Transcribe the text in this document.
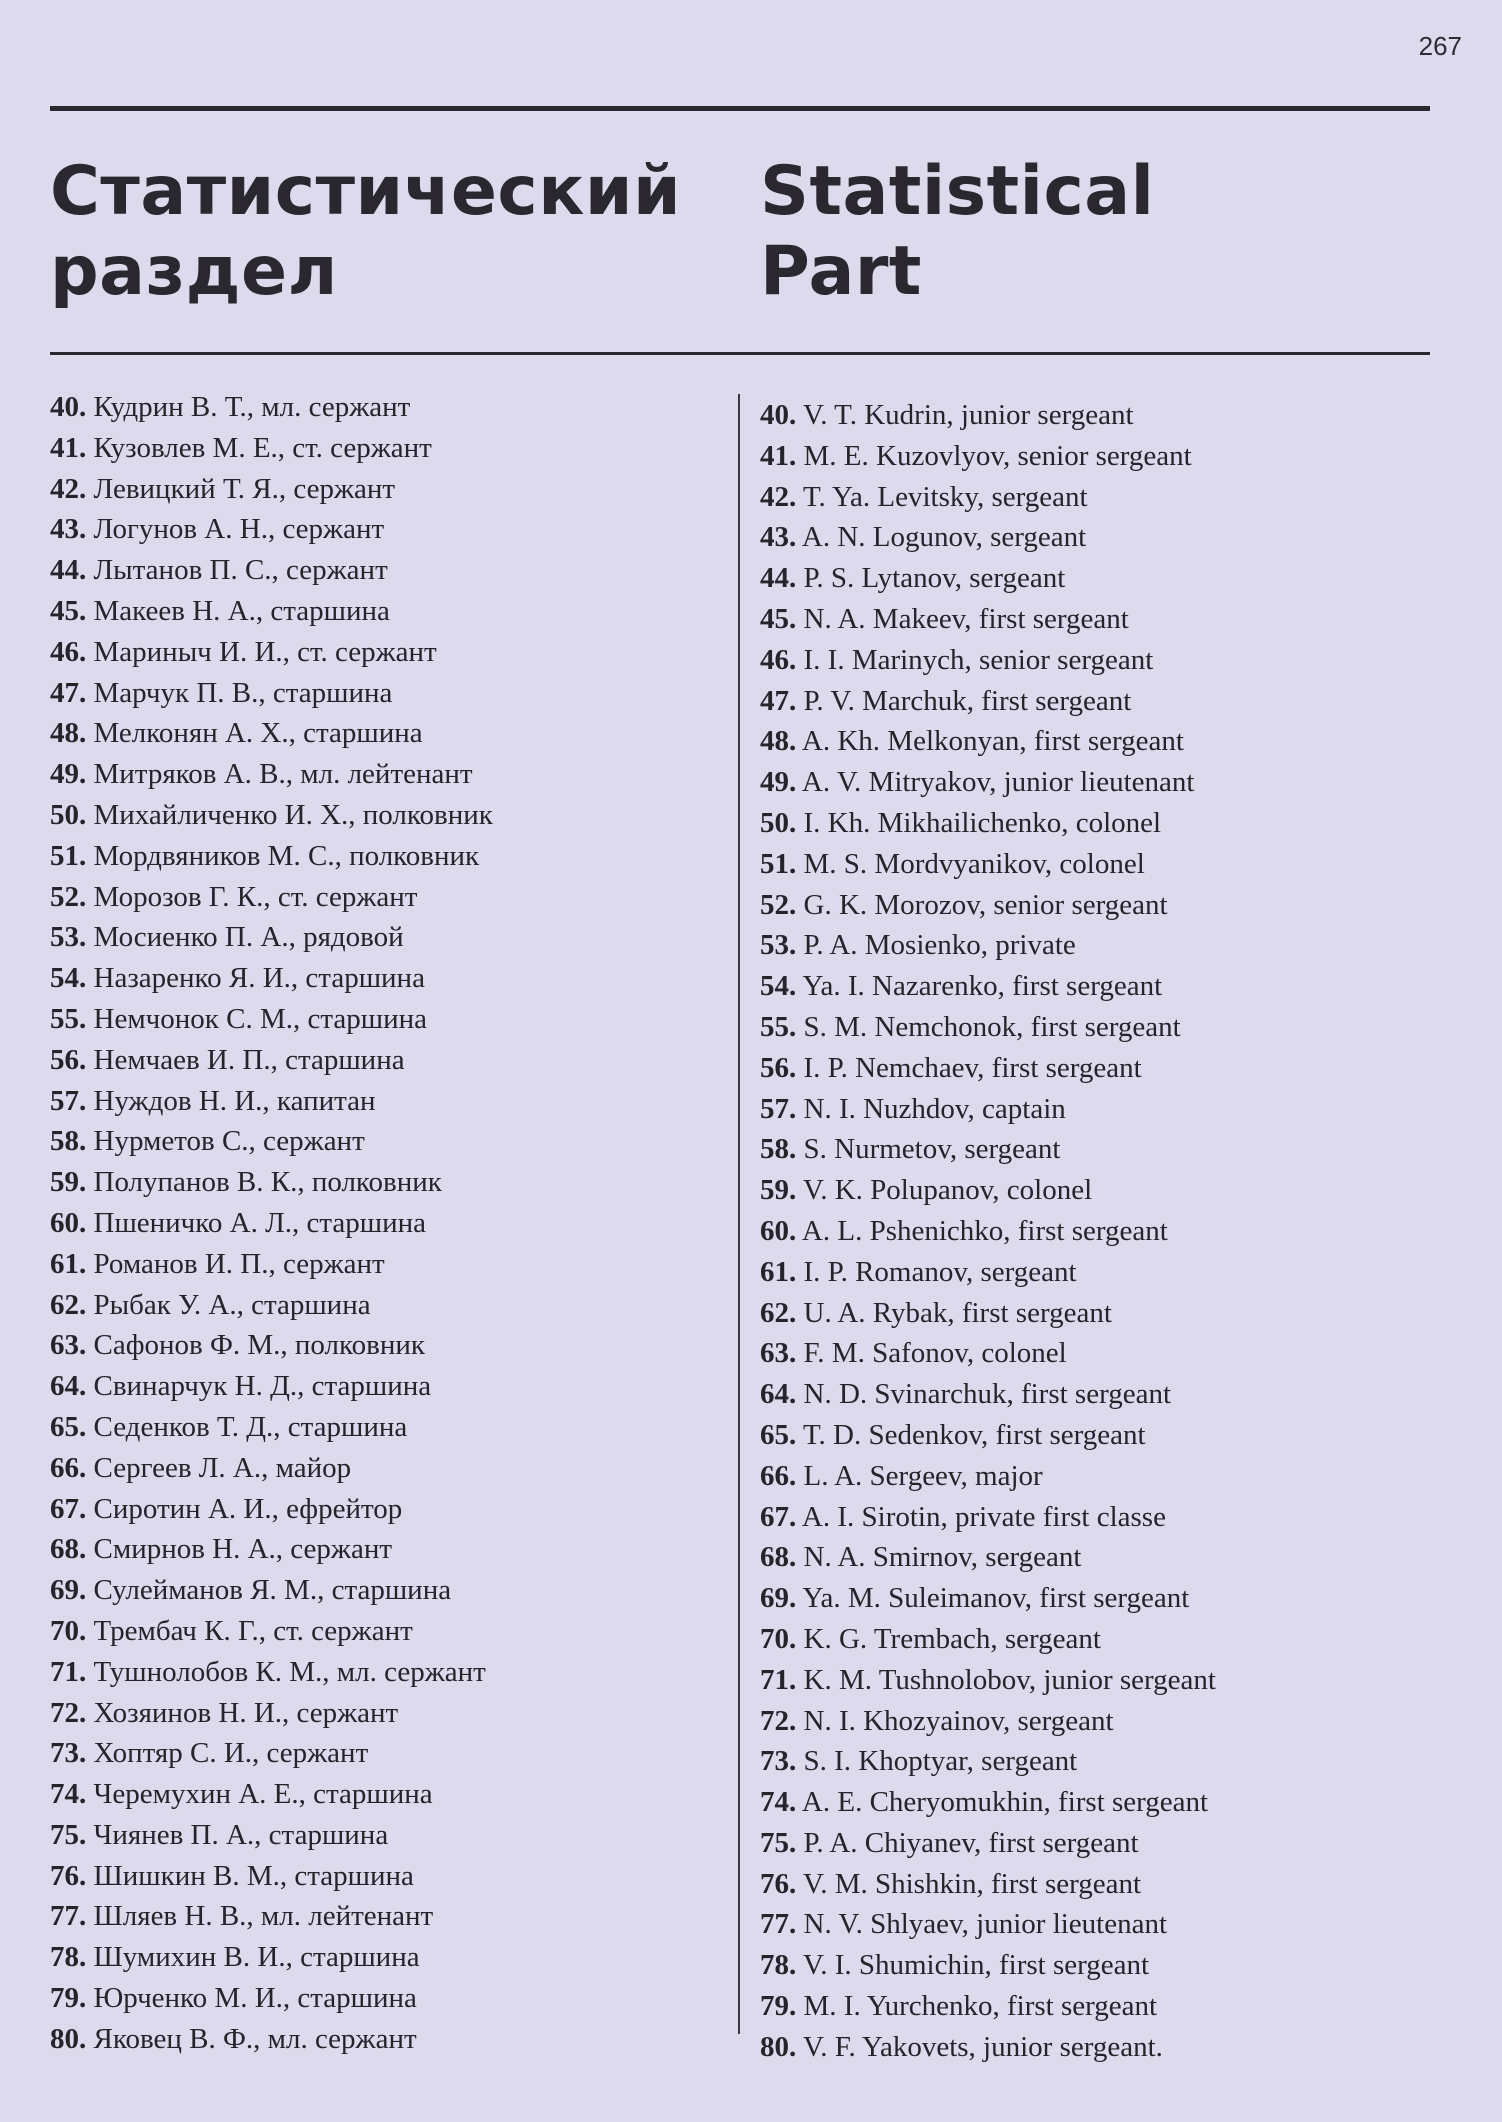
267
Статистический
раздел
Statistical
Part
40. Кудрин В. Т., мл. сержант
41. Кузовлев М. Е., ст. сержант
42. Левицкий Т. Я., сержант
43. Логунов А. Н., сержант
44. Лытанов П. С., сержант
45. Макеев Н. А., старшина
46. Мариныч И. И., ст. сержант
47. Марчук П. В., старшина
48. Мелконян А. Х., старшина
49. Митряков А. В., мл. лейтенант
50. Михайличенко И. Х., полковник
51. Мордвяников М. С., полковник
52. Морозов Г. К., ст. сержант
53. Мосиенко П. А., рядовой
54. Назаренко Я. И., старшина
55. Немчонок С. М., старшина
56. Немчаев И. П., старшина
57. Нуждов Н. И., капитан
58. Нурметов С., сержант
59. Полупанов В. К., полковник
60. Пшеничко А. Л., старшина
61. Романов И. П., сержант
62. Рыбак У. А., старшина
63. Сафонов Ф. М., полковник
64. Свинарчук Н. Д., старшина
65. Седенков Т. Д., старшина
66. Сергеев Л. А., майор
67. Сиротин А. И., ефрейтор
68. Смирнов Н. А., сержант
69. Сулейманов Я. М., старшина
70. Трембач К. Г., ст. сержант
71. Тушнолобов К. М., мл. сержант
72. Хозяинов Н. И., сержант
73. Хоптяр С. И., сержант
74. Черемухин А. Е., старшина
75. Чиянев П. А., старшина
76. Шишкин В. М., старшина
77. Шляев Н. В., мл. лейтенант
78. Шумихин В. И., старшина
79. Юрченко М. И., старшина
80. Яковец В. Ф., мл. сержант
40. V. T. Kudrin, junior sergeant
41. M. E. Kuzovlyov, senior sergeant
42. T. Ya. Levitsky, sergeant
43. A. N. Logunov, sergeant
44. P. S. Lytanov, sergeant
45. N. A. Makeev, first sergeant
46. I. I. Marinych, senior sergeant
47. P. V. Marchuk, first sergeant
48. A. Kh. Melkonyan, first sergeant
49. A. V. Mitryakov, junior lieutenant
50. I. Kh. Mikhailichenko, colonel
51. M. S. Mordvyanikov, colonel
52. G. K. Morozov, senior sergeant
53. P. A. Mosienko, private
54. Ya. I. Nazarenko, first sergeant
55. S. M. Nemchonok, first sergeant
56. I. P. Nemchaev, first sergeant
57. N. I. Nuzhdov, captain
58. S. Nurmetov, sergeant
59. V. K. Polupanov, colonel
60. A. L. Pshenichko, first sergeant
61. I. P. Romanov, sergeant
62. U. A. Rybak, first sergeant
63. F. M. Safonov, colonel
64. N. D. Svinarchuk, first sergeant
65. T. D. Sedenkov, first sergeant
66. L. A. Sergeev, major
67. A. I. Sirotin, private first classe
68. N. A. Smirnov, sergeant
69. Ya. M. Suleimanov, first sergeant
70. K. G. Trembach, sergeant
71. K. M. Tushnolobov, junior sergeant
72. N. I. Khozyainov, sergeant
73. S. I. Khoptyar, sergeant
74. A. E. Cheryomukhin, first sergeant
75. P. A. Chiyanev, first sergeant
76. V. M. Shishkin, first sergeant
77. N. V. Shlyaev, junior lieutenant
78. V. I. Shumichin, first sergeant
79. M. I. Yurchenko, first sergeant
80. V. F. Yakovets, junior sergeant.
